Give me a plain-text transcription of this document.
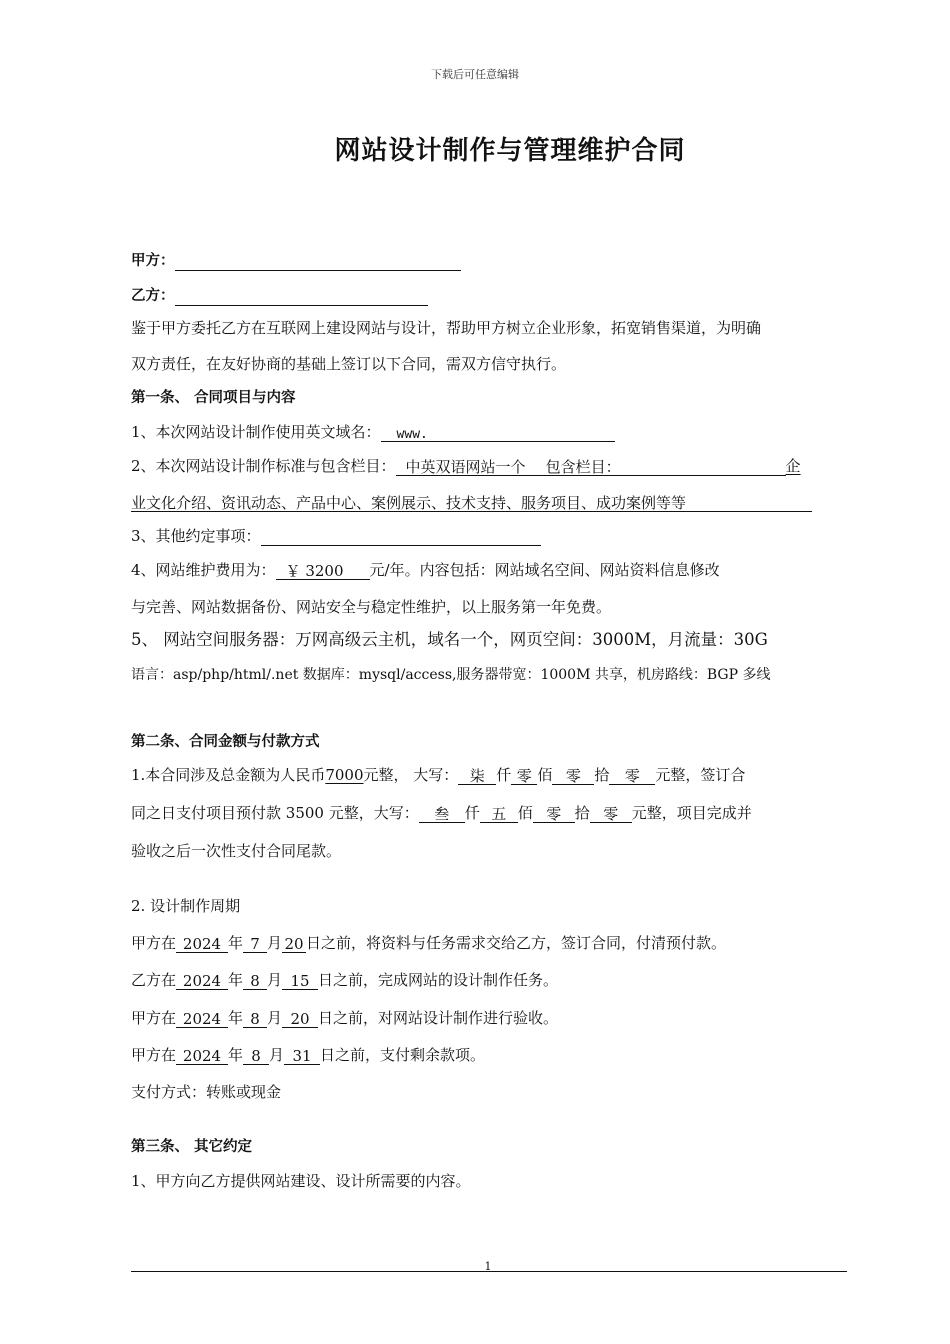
下载后可任意编辑
网站设计制作与管理维护合同
甲方：
乙方：
鉴于甲方委托乙方在互联网上建设网站与设计，帮助甲方树立企业形象，拓宽销售渠道，为明确
双方责任，在友好协商的基础上签订以下合同，需双方信守执行。
第一条、 合同项目与内容
1、本次网站设计制作使用英文域名： www.
2、本次网站设计制作标准与包含栏目： 中英双语网站一个 包含栏目：	企
业文化介绍、资讯动态、产品中心、案例展示、技术支持、服务项目、成功案例等等
3、其他约定事项：
4、网站维护费用为： ￥ 3200 元/年。内容包括：网站域名空间、网站资料信息修改
与完善、网站数据备份、网站安全与稳定性维护，以上服务第一年免费。
5、 网站空间服务器：万网高级云主机，域名一个，网页空间：3000M，月流量：30G
语言：asp/php/html/.net 数据库：mysql/access,服务器带宽：1000M 共享，机房路线：BGP 多线
第二条、合同金额与付款方式
1.本合同涉及总金额为人民币7000元整， 大写： 柒 仟 零 佰 零 拾 零 元整，签订合
同之日支付项目预付款 3500 元整，大写： 叁 仟 五 佰 零 拾 零 元整，项目完成并
验收之后一次性支付合同尾款。
2. 设计制作周期
甲方在 2024 年 7 月 20 日之前，将资料与任务需求交给乙方，签订合同，付清预付款。
乙方在 2024 年 8 月 15 日之前，完成网站的设计制作任务。
甲方在 2024 年 8 月 20 日之前，对网站设计制作进行验收。
甲方在 2024 年 8 月 31 日之前，支付剩余款项。
支付方式：转账或现金
第三条、 其它约定
1、甲方向乙方提供网站建设、设计所需要的内容。
1
